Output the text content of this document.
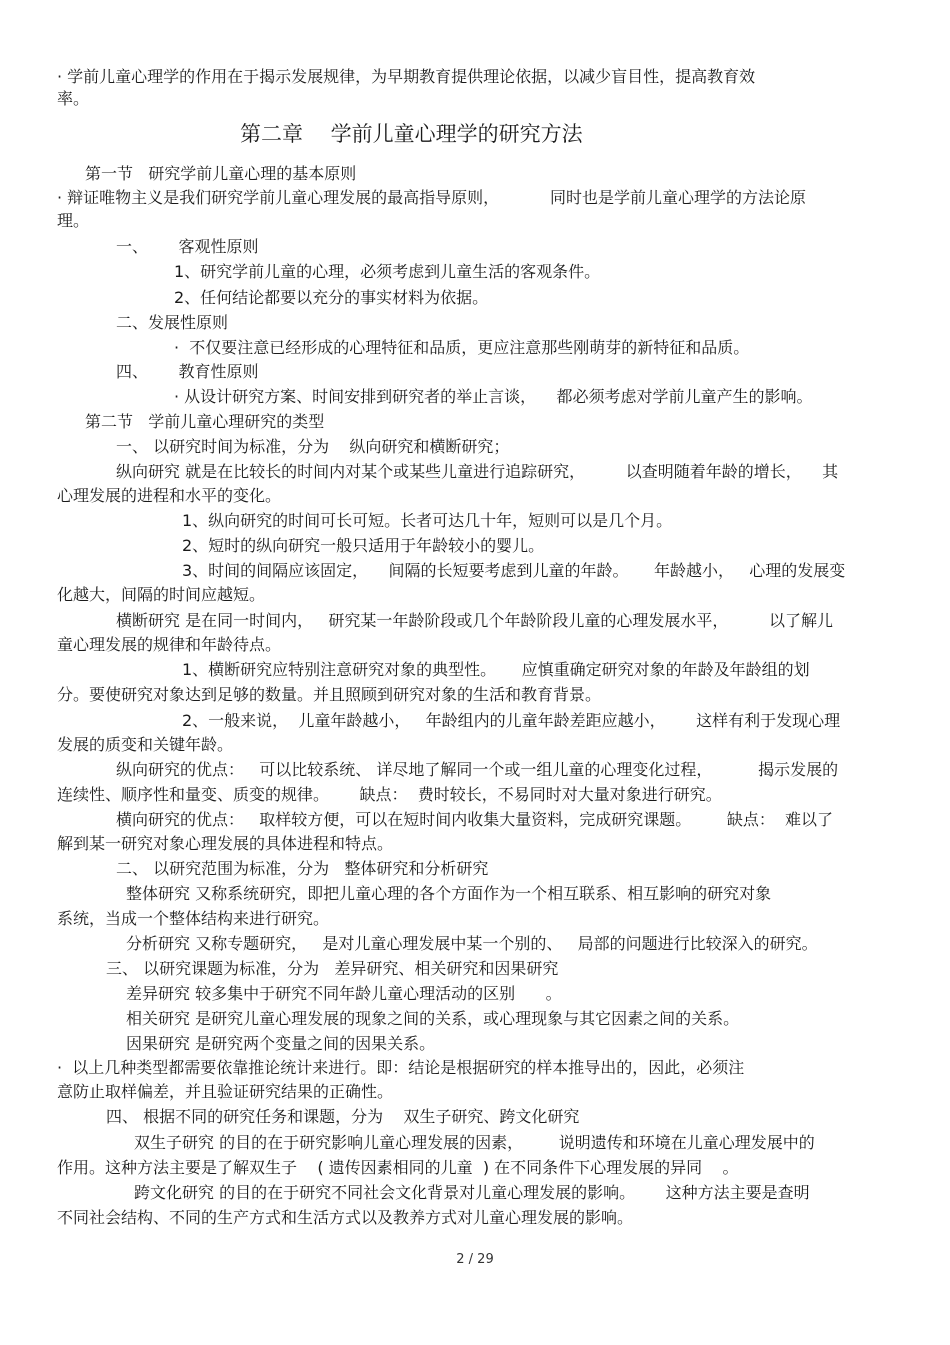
· 学前儿童心理学的作用在于揭示发展规律，为早期教育提供理论依据，以减少盲目性，提高教育效
率。
第二章　 学前儿童心理学的研究方法
第一节   研究学前儿童心理的基本原则
· 辩证唯物主义是我们研究学前儿童心理发展的最高指导原则，          同时也是学前儿童心理学的方法论原
理。
一、      客观性原则
1、研究学前儿童的心理，必须考虑到儿童生活的客观条件。
2、任何结论都要以充分的事实材料为依据。
二、发展性原则
·  不仅要注意已经形成的心理特征和品质，更应注意那些刚萌芽的新特征和品质。
四、      教育性原则
· 从设计研究方案、时间安排到研究者的举止言谈，    都必须考虑对学前儿童产生的影响。
第二节   学前儿童心理研究的类型
一、 以研究时间为标准，分为    纵向研究和横断研究；
纵向研究 就是在比较长的时间内对某个或某些儿童进行追踪研究，        以查明随着年龄的增长，    其
心理发展的进程和水平的变化。
1、纵向研究的时间可长可短。长者可达几十年，短则可以是几个月。
2、短时的纵向研究一般只适用于年龄较小的婴儿。
3、时间的间隔应该固定，    间隔的长短要考虑到儿童的年龄。     年龄越小，   心理的发展变
化越大，间隔的时间应越短。
横断研究 是在同一时间内，   研究某一年龄阶段或几个年龄阶段儿童的心理发展水平，        以了解儿
童心理发展的规律和年龄待点。
1、横断研究应特别注意研究对象的典型性。     应慎重确定研究对象的年龄及年龄组的划
分。要使研究对象达到足够的数量。并且照顾到研究对象的生活和教育背景。
2、一般来说，  儿童年龄越小，   年龄组内的儿童年龄差距应越小，      这样有利于发现心理
发展的质变和关键年龄。
纵向研究的优点：   可以比较系统、 详尽地了解同一个或一组儿童的心理变化过程，         揭示发展的
连续性、顺序性和量变、质变的规律。      缺点：  费时较长，不易同时对大量对象进行研究。
横向研究的优点：   取样较方便，可以在短时间内收集大量资料，完成研究课题。       缺点：  难以了
解到某一研究对象心理发展的具体进程和特点。
二、 以研究范围为标准，分为   整体研究和分析研究
整体研究 又称系统研究，即把儿童心理的各个方面作为一个相互联系、相互影响的研究对象
系统，当成一个整体结构来进行研究。
分析研究 又称专题研究，   是对儿童心理发展中某一个别的、   局部的问题进行比较深入的研究。
三、 以研究课题为标准，分为   差异研究、相关研究和因果研究
差异研究 较多集中于研究不同年龄儿童心理活动的区别      。
相关研究 是研究儿童心理发展的现象之间的关系，或心理现象与其它因素之间的关系。
因果研究 是研究两个变量之间的因果关系。
·  以上几种类型都需要依靠推论统计来进行。即：结论是根据研究的样本推导出的，因此，必须注
意防止取样偏差，并且验证研究结果的正确性。
四、 根据不同的研究任务和课题，分为    双生子研究、跨文化研究
双生子研究 的目的在于研究影响儿童心理发展的因素，       说明遗传和环境在儿童心理发展中的
作用。这种方法主要是了解双生子    ( 遗传因素相同的儿童  ) 在不同条件下心理发展的异同    。
跨文化研究 的目的在于研究不同社会文化背景对儿童心理发展的影响。      这种方法主要是查明
不同社会结构、不同的生产方式和生活方式以及教养方式对儿童心理发展的影响。
2 / 29
